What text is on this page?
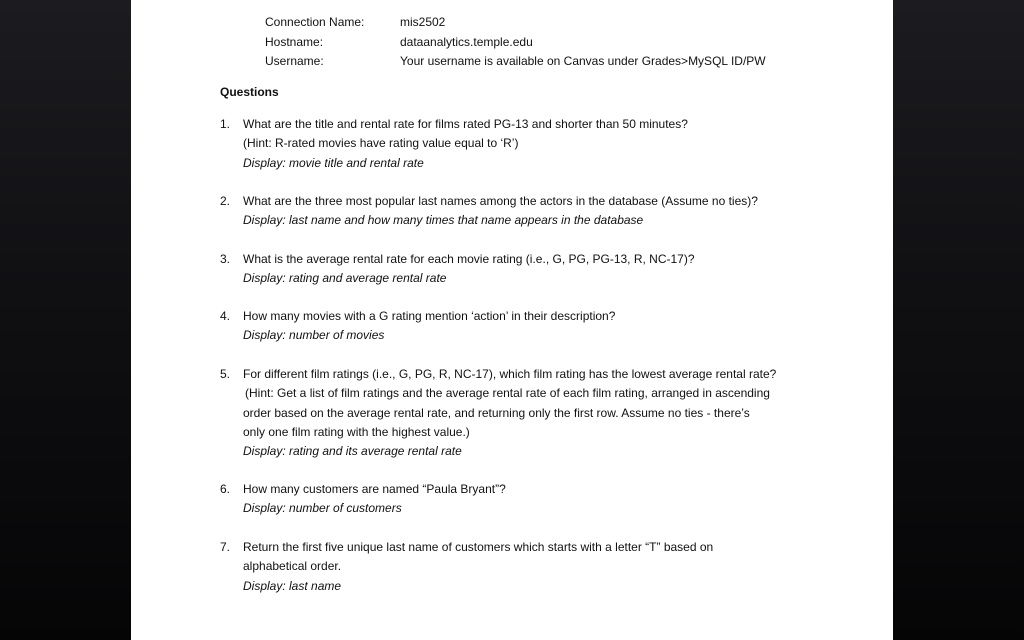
Connection Name:	mis2502
Hostname:	dataanalytics.temple.edu
Username:	Your username is available on Canvas under Grades>MySQL ID/PW
Questions
1. What are the title and rental rate for films rated PG-13 and shorter than 50 minutes?
(Hint: R-rated movies have rating value equal to ‘R’)
Display: movie title and rental rate
2. What are the three most popular last names among the actors in the database (Assume no ties)?
Display: last name and how many times that name appears in the database
3. What is the average rental rate for each movie rating (i.e., G, PG, PG-13, R, NC-17)?
Display: rating and average rental rate
4. How many movies with a G rating mention ‘action’ in their description?
Display: number of movies
5. For different film ratings (i.e., G, PG, R, NC-17), which film rating has the lowest average rental rate?
(Hint: Get a list of film ratings and the average rental rate of each film rating, arranged in ascending
order based on the average rental rate, and returning only the first row. Assume no ties - there’s
only one film rating with the highest value.)
Display: rating and its average rental rate
6. How many customers are named “Paula Bryant”?
Display: number of customers
7. Return the first five unique last name of customers which starts with a letter “T” based on
alphabetical order.
Display: last name
